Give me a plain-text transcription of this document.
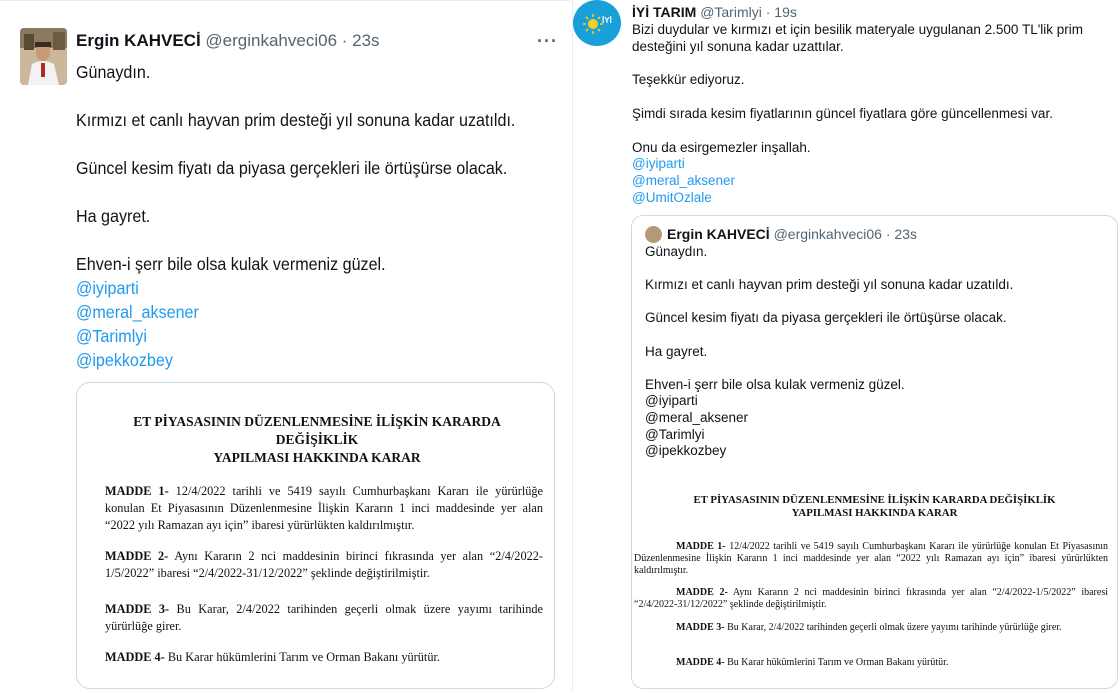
Ergin KAHVECİ @erginkahveci06 · 23s	···

Günaydın.

Kırmızı et canlı hayvan prim desteği yıl sonuna kadar uzatıldı.

Güncel kesim fiyatı da piyasa gerçekleri ile örtüşürse olacak.

Ha gayret.

Ehven-i şerr bile olsa kulak vermeniz güzel.
@iyiparti
@meral_aksener
@Tarimlyi
@ipekkozbey
ET PİYASASININ DÜZENLENMESİNE İLİŞKİN KARARDA DEĞİŞİKLİK
YAPILMASI HAKKINDA KARAR
MADDE 1- 12/4/2022 tarihli ve 5419 sayılı Cumhurbaşkanı Kararı ile yürürlüğe konulan Et Piyasasının Düzenlenmesine İlişkin Kararın 1 inci maddesinde yer alan “2022 yılı Ramazan ayı için” ibaresi yürürlükten kaldırılmıştır.
MADDE 2- Aynı Kararın 2 nci maddesinin birinci fıkrasında yer alan “2/4/2022-1/5/2022” ibaresi “2/4/2022-31/12/2022” şeklinde değiştirilmiştir.
MADDE 3- Bu Karar, 2/4/2022 tarihinden geçerli olmak üzere yayımı tarihinde yürürlüğe girer.
MADDE 4- Bu Karar hükümlerini Tarım ve Orman Bakanı yürütür.
İYİ
İYİ TARIM @Tarimlyi · 19s

Bizi duydular ve kırmızı et için besilik materyale uygulanan 2.500 TL'lik prim desteğini yıl sonuna kadar uzattılar.

Teşekkür ediyoruz.

Şimdi sırada kesim fiyatlarının güncel fiyatlara göre güncellenmesi var.

Onu da esirgemezler inşallah.
@iyiparti
@meral_aksener
@UmitOzlale
Ergin KAHVECİ @erginkahveci06 · 23s

Günaydın.

Kırmızı et canlı hayvan prim desteği yıl sonuna kadar uzatıldı.

Güncel kesim fiyatı da piyasa gerçekleri ile örtüşürse olacak.

Ha gayret.

Ehven-i şerr bile olsa kulak vermeniz güzel.
@iyiparti
@meral_aksener
@Tarimlyi
@ipekkozbey
ET PİYASASININ DÜZENLENMESİNE İLİŞKİN KARARDA DEĞİŞİKLİK
YAPILMASI HAKKINDA KARAR
MADDE 1- 12/4/2022 tarihli ve 5419 sayılı Cumhurbaşkanı Kararı ile yürürlüğe konulan Et Piyasasının Düzenlenmesine İlişkin Kararın 1 inci maddesinde yer alan “2022 yılı Ramazan ayı için” ibaresi yürürlükten kaldırılmıştır.
MADDE 2- Aynı Kararın 2 nci maddesinin birinci fıkrasında yer alan “2/4/2022-1/5/2022” ibaresi “2/4/2022-31/12/2022” şeklinde değiştirilmiştir.
MADDE 3- Bu Karar, 2/4/2022 tarihinden geçerli olmak üzere yayımı tarihinde yürürlüğe girer.
MADDE 4- Bu Karar hükümlerini Tarım ve Orman Bakanı yürütür.
